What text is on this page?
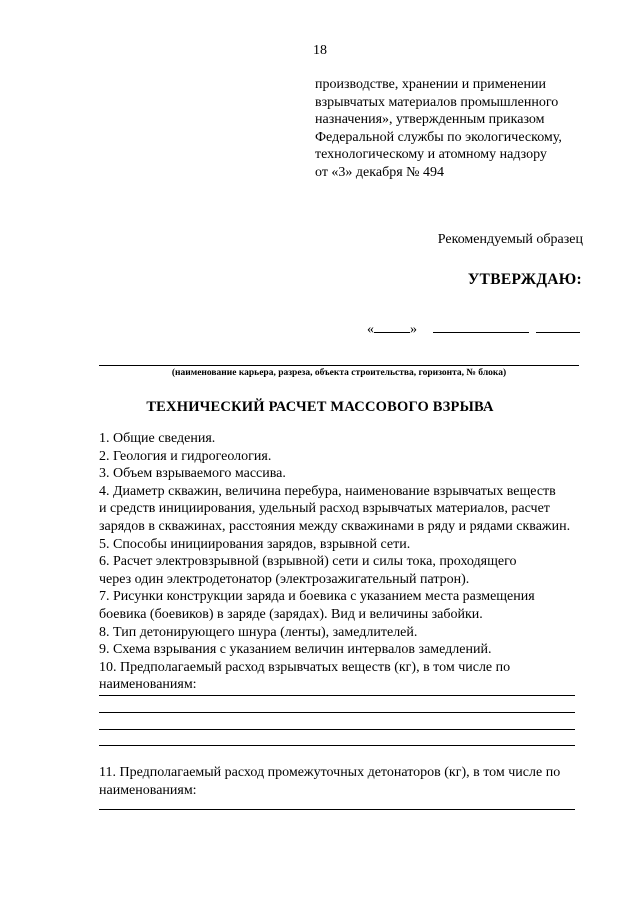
18
производстве, хранении и применении
взрывчатых материалов промышленного
назначения», утвержденным приказом
Федеральной службы по экологическому,
технологическому и атомному надзору
от «3» декабря № 494
Рекомендуемый образец
УТВЕРЖДАЮ:
«	»
(наименование карьера, разреза, объекта строительства, горизонта, № блока)
ТЕХНИЧЕСКИЙ РАСЧЕТ МАССОВОГО ВЗРЫВА
1. Общие сведения.
2. Геология и гидрогеология.
3. Объем взрываемого массива.
4. Диаметр скважин, величина перебура, наименование взрывчатых веществ
и средств инициирования, удельный расход взрывчатых материалов, расчет
зарядов в скважинах, расстояния между скважинами в ряду и рядами скважин.
5. Способы инициирования зарядов, взрывной сети.
6. Расчет электровзрывной (взрывной) сети и силы тока, проходящего
через один электродетонатор (электрозажигательный патрон).
7. Рисунки конструкции заряда и боевика с указанием места размещения
боевика (боевиков) в заряде (зарядах). Вид и величины забойки.
8. Тип детонирующего шнура (ленты), замедлителей.
9. Схема взрывания с указанием величин интервалов замедлений.
10. Предполагаемый расход взрывчатых веществ (кг), в том числе по
наименованиям:
11. Предполагаемый расход промежуточных детонаторов (кг), в том числе по
наименованиям:
